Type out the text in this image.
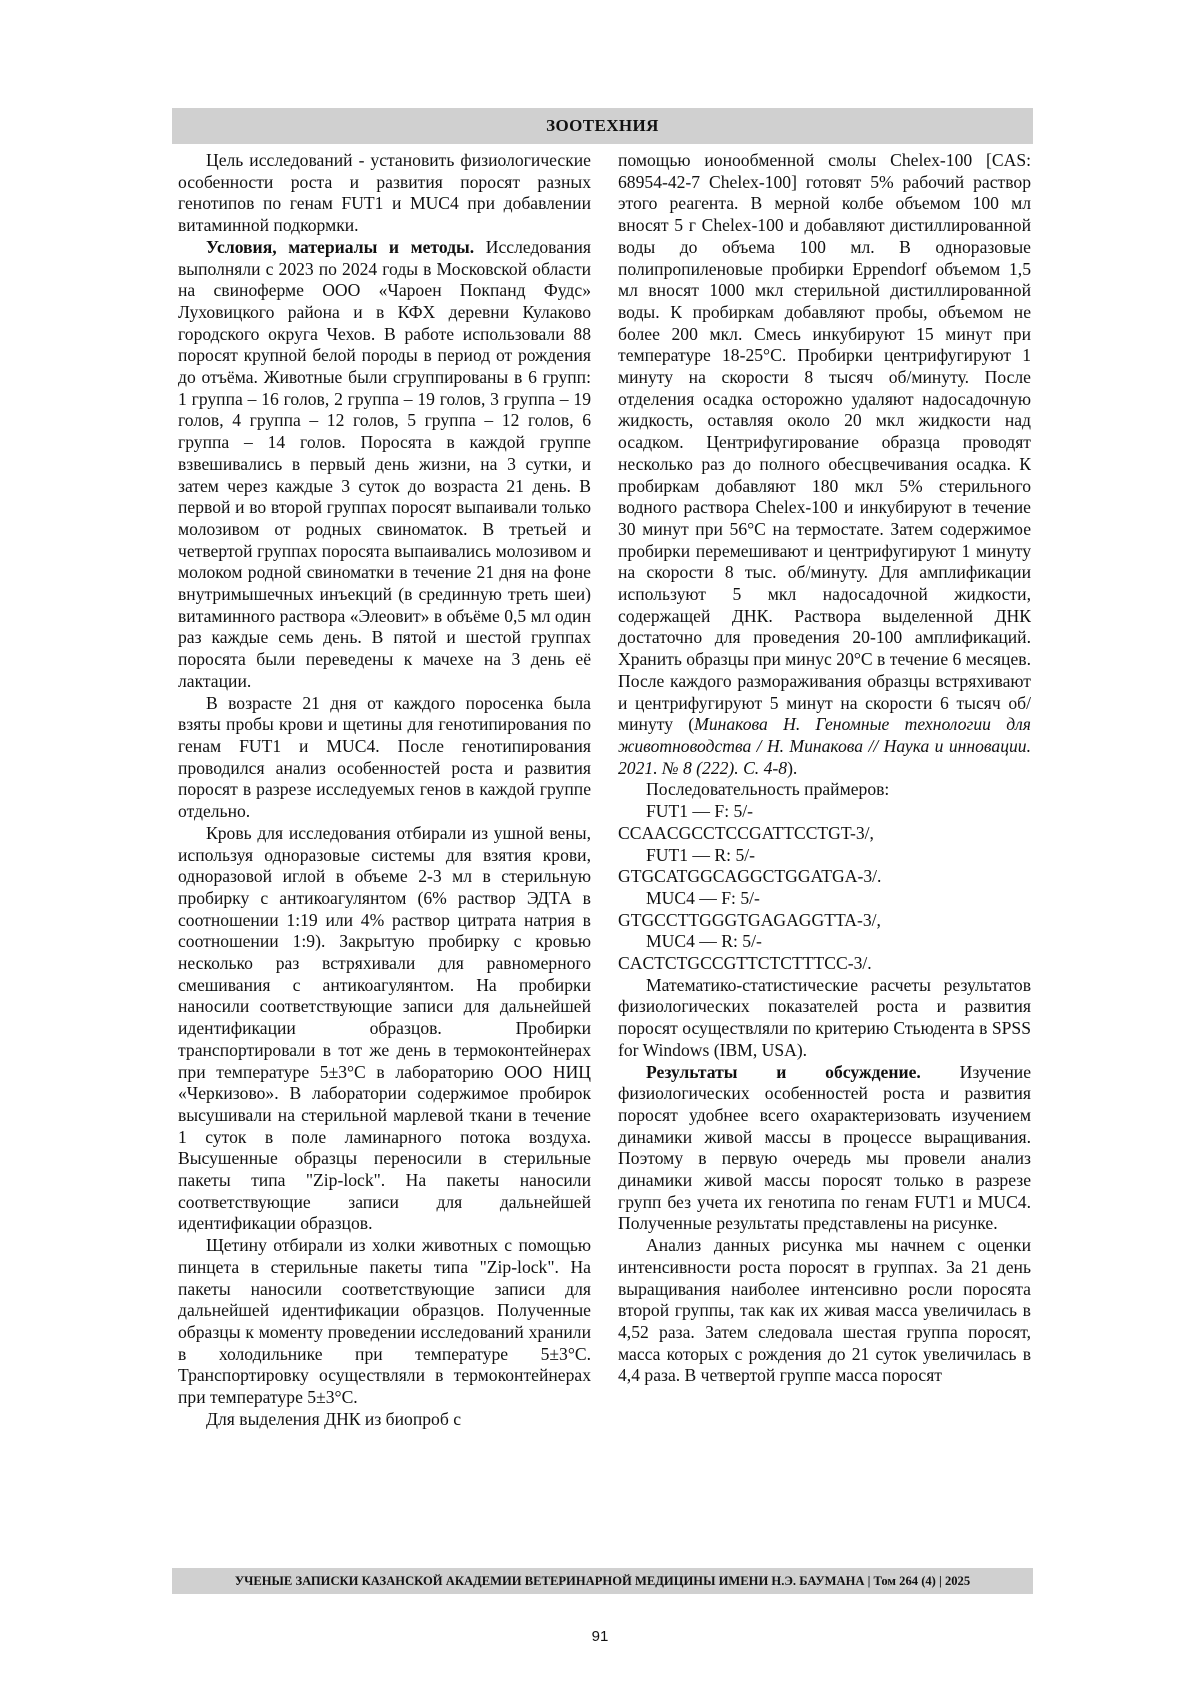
ЗООТЕХНИЯ

Цель исследований - установить физиологические особенности роста и развития поросят разных генотипов по генам FUT1 и MUC4 при добавлении витаминной подкормки.

Условия, материалы и методы. Исследования выполняли с 2023 по 2024 годы в Московской области на свиноферме ООО «Чароен Покпанд Фудс» Луховицкого района и в КФХ деревни Кулаково городского округа Чехов. В работе использовали 88 поросят крупной белой породы в период от рождения до отъёма. Животные были сгруппированы в 6 групп: 1 группа – 16 голов, 2 группа – 19 голов, 3 группа – 19 голов, 4 группа – 12 голов, 5 группа – 12 голов, 6 группа – 14 голов. Поросята в каждой группе взвешивались в первый день жизни, на 3 сутки, и затем через каждые 3 суток до возраста 21 день. В первой и во второй группах поросят выпаивали только молозивом от родных свиноматок. В третьей и четвертой группах поросята выпаивались молозивом и молоком родной свиноматки в течение 21 дня на фоне внутримышечных инъекций (в срединную треть шеи) витаминного раствора «Элеовит» в объёме 0,5 мл один раз каждые семь день. В пятой и шестой группах поросята были переведены к мачехе на 3 день её лактации.

В возрасте 21 дня от каждого поросенка была взяты пробы крови и щетины для генотипирования по генам FUT1 и MUC4. После генотипирования проводился анализ особенностей роста и развития поросят в разрезе исследуемых генов в каждой группе отдельно.

Кровь для исследования отбирали из ушной вены, используя одноразовые системы для взятия крови, одноразовой иглой в объеме 2-3 мл в стерильную пробирку с антикоагулянтом (6% раствор ЭДТА в соотношении 1:19 или 4% раствор цитрата натрия в соотношении 1:9). Закрытую пробирку с кровью несколько раз встряхивали для равномерного смешивания с антикоагулянтом. На пробирки наносили соответствующие записи для дальнейшей идентификации образцов. Пробирки транспортировали в тот же день в термоконтейнерах при температуре 5±3°С в лабораторию ООО НИЦ «Черкизово». В лаборатории содержимое пробирок высушивали на стерильной марлевой ткани в течение 1 суток в поле ламинарного потока воздуха. Высушенные образцы переносили в стерильные пакеты типа "Zip-lock". На пакеты наносили соответствующие записи для дальнейшей идентификации образцов.

Щетину отбирали из холки животных с помощью пинцета в стерильные пакеты типа "Zip-lock". На пакеты наносили соответствующие записи для дальнейшей идентификации образцов. Полученные образцы к моменту проведении исследований хранили в холодильнике при температуре 5±3°С. Транспортировку осуществляли в термоконтейнерах при температуре 5±3°С.

Для выделения ДНК из биопроб с

помощью ионообменной смолы Chelex-100 [CAS: 68954-42-7 Chelex-100] готовят 5% рабочий раствор этого реагента. В мерной колбе объемом 100 мл вносят 5 г Chelex-100 и добавляют дистиллированной воды до объема 100 мл. В одноразовые полипропиленовые пробирки Eppendorf объемом 1,5 мл вносят 1000 мкл стерильной дистиллированной воды. К пробиркам добавляют пробы, объемом не более 200 мкл. Смесь инкубируют 15 минут при температуре 18-25°С. Пробирки центрифугируют 1 минуту на скорости 8 тысяч об/минуту. После отделения осадка осторожно удаляют надосадочную жидкость, оставляя около 20 мкл жидкости над осадком. Центрифугирование образца проводят несколько раз до полного обесцвечивания осадка. К пробиркам добавляют 180 мкл 5% стерильного водного раствора Chelex-100 и инкубируют в течение 30 минут при 56°С на термостате. Затем содержимое пробирки перемешивают и центрифугируют 1 минуту на скорости 8 тыс. об/минуту. Для амплификации используют 5 мкл надосадочной жидкости, содержащей ДНК. Раствора выделенной ДНК достаточно для проведения 20-100 амплификаций. Хранить образцы при минус 20°С в течение 6 месяцев. После каждого размораживания образцы встряхивают и центрифугируют 5 минут на скорости 6 тысяч об/минуту (Минакова Н. Геномные технологии для животноводства / Н. Минакова // Наука и инновации. 2021. № 8 (222). С. 4-8).

Последовательность праймеров:

FUT1 — F: 5/-

CCAACGCCTCCGATTCCTGT-3/,

FUT1 — R: 5/-

GTGCATGGCAGGCTGGATGA-3/.

MUC4 — F: 5/-

GTGCCTTGGGTGAGAGGTTA-3/,

MUC4 — R: 5/-

CACTCTGCCGTTCTCTTTCC-3/.

Математико-статистические расчеты результатов физиологических показателей роста и развития поросят осуществляли по критерию Стьюдента в SPSS for Windows (IBM, USA).

Результаты и обсуждение. Изучение физиологических особенностей роста и развития поросят удобнее всего охарактеризовать изучением динамики живой массы в процессе выращивания. Поэтому в первую очередь мы провели анализ динамики живой массы поросят только в разрезе групп без учета их генотипа по генам FUT1 и MUC4. Полученные результаты представлены на рисунке.

Анализ данных рисунка мы начнем с оценки интенсивности роста поросят в группах. За 21 день выращивания наиболее интенсивно росли поросята второй группы, так как их живая масса увеличилась в 4,52 раза. Затем следовала шестая группа поросят, масса которых с рождения до 21 суток увеличилась в 4,4 раза. В четвертой группе масса поросят

УЧЕНЫЕ ЗАПИСКИ КАЗАНСКОЙ АКАДЕМИИ ВЕТЕРИНАРНОЙ МЕДИЦИНЫ ИМЕНИ Н.Э. БАУМАНА | Том 264 (4) | 2025
91
